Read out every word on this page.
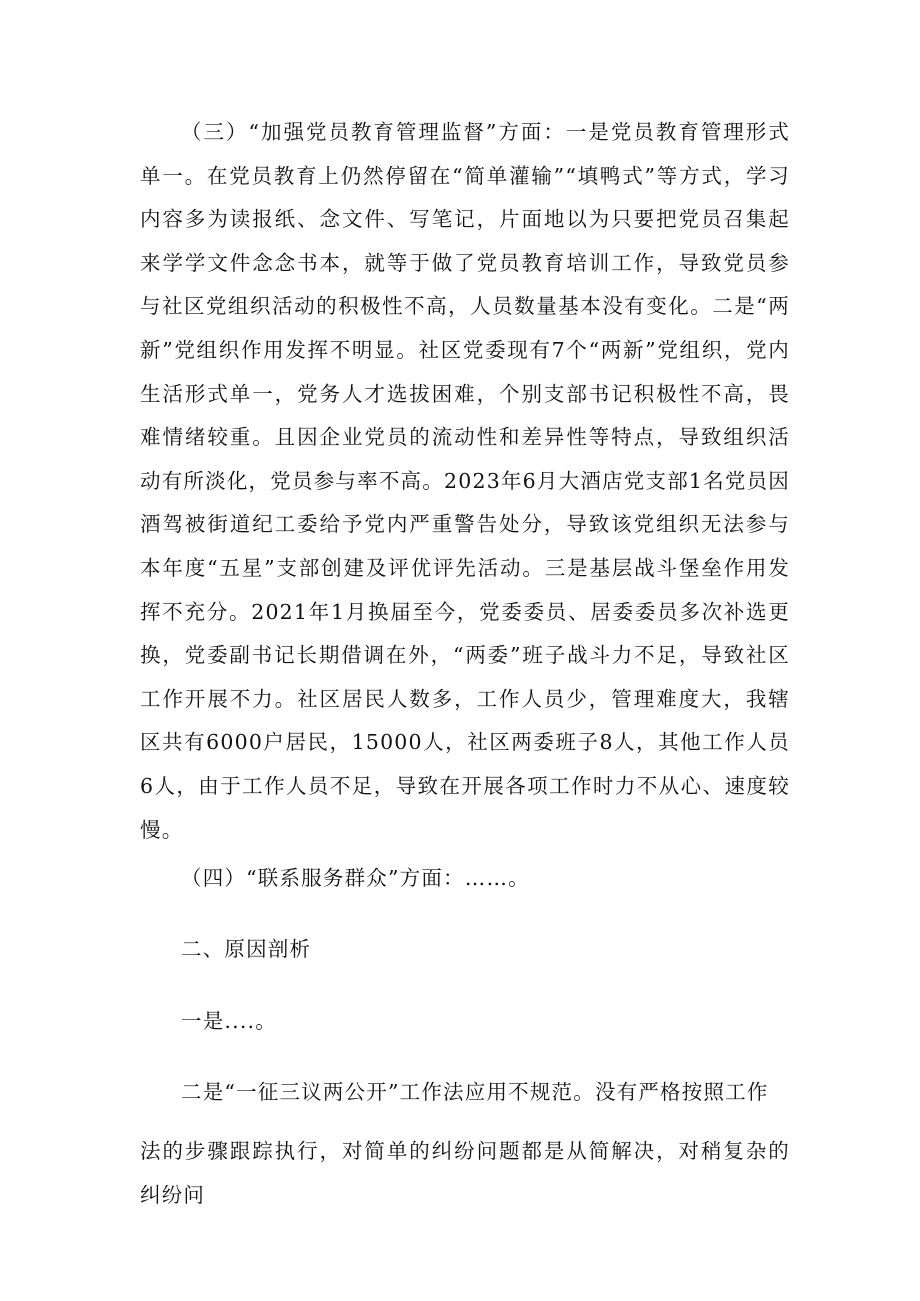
（三）“加强党员教育管理监督”方面：一是党员教育管理形式单一。在党员教育上仍然停留在“简单灌输”“填鸭式”等方式，学习内容多为读报纸、念文件、写笔记，片面地以为只要把党员召集起来学学文件念念书本，就等于做了党员教育培训工作，导致党员参与社区党组织活动的积极性不高，人员数量基本没有变化。二是“两新”党组织作用发挥不明显。社区党委现有7个“两新”党组织，党内生活形式单一，党务人才选拔困难，个别支部书记积极性不高，畏难情绪较重。且因企业党员的流动性和差异性等特点，导致组织活动有所淡化，党员参与率不高。2023年6月大酒店党支部1名党员因酒驾被街道纪工委给予党内严重警告处分，导致该党组织无法参与本年度“五星”支部创建及评优评先活动。三是基层战斗堡垒作用发挥不充分。2021年1月换届至今，党委委员、居委委员多次补选更换，党委副书记长期借调在外，“两委”班子战斗力不足，导致社区工作开展不力。社区居民人数多，工作人员少，管理难度大，我辖区共有6000户居民，15000人，社区两委班子8人，其他工作人员6人，由于工作人员不足，导致在开展各项工作时力不从心、速度较慢。

（四）“联系服务群众”方面：……。

二、原因剖析

一是....。

二是“一征三议两公开”工作法应用不规范。没有严格按照工作

法的步骤跟踪执行，对简单的纠纷问题都是从简解决，对稍复杂的纠纷问
